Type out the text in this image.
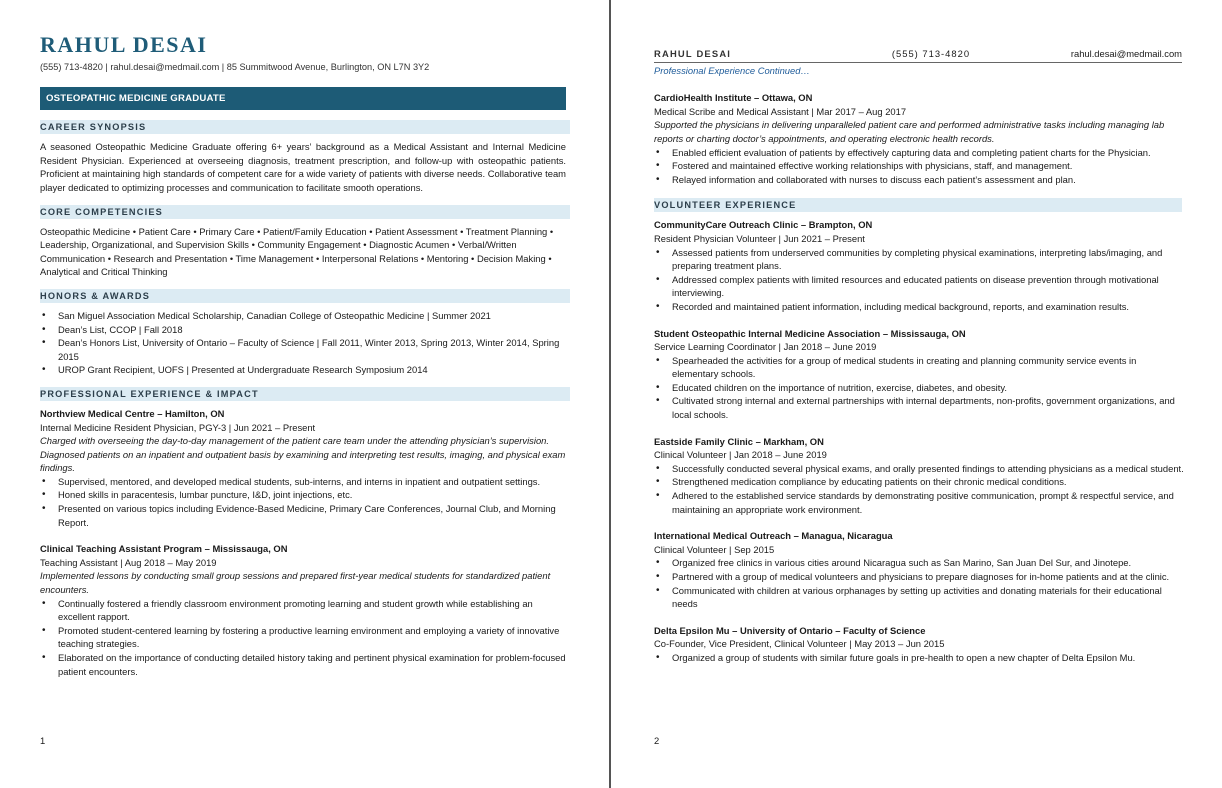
RAHUL DESAI
(555) 713-4820 | rahul.desai@medmail.com | 85 Summitwood Avenue, Burlington, ON L7N 3Y2
OSTEOPATHIC MEDICINE GRADUATE
CAREER SYNOPSIS
A seasoned Osteopathic Medicine Graduate offering 6+ years’ background as a Medical Assistant and Internal Medicine Resident Physician. Experienced at overseeing diagnosis, treatment prescription, and follow-up with osteopathic patients. Proficient at maintaining high standards of competent care for a wide variety of patients with diverse needs. Collaborative team player dedicated to optimizing processes and communication to facilitate smooth operations.
CORE COMPETENCIES
Osteopathic Medicine • Patient Care • Primary Care • Patient/Family Education • Patient Assessment • Treatment Planning • Leadership, Organizational, and Supervision Skills • Community Engagement • Diagnostic Acumen • Verbal/Written Communication • Research and Presentation • Time Management • Interpersonal Relations • Mentoring • Decision Making • Analytical and Critical Thinking
HONORS & AWARDS
• San Miguel Association Medical Scholarship, Canadian College of Osteopathic Medicine | Summer 2021
• Dean’s List, CCOP | Fall 2018
• Dean’s Honors List, University of Ontario – Faculty of Science | Fall 2011, Winter 2013, Spring 2013, Winter 2014, Spring 2015
• UROP Grant Recipient, UOFS | Presented at Undergraduate Research Symposium 2014
PROFESSIONAL EXPERIENCE & IMPACT
Northview Medical Centre – Hamilton, ON
Internal Medicine Resident Physician, PGY-3 | Jun 2021 – Present
Charged with overseeing the day-to-day management of the patient care team under the attending physician’s supervision. Diagnosed patients on an inpatient and outpatient basis by examining and interpreting test results, imaging, and physical exam findings.
• Supervised, mentored, and developed medical students, sub-interns, and interns in inpatient and outpatient settings.
• Honed skills in paracentesis, lumbar puncture, I&D, joint injections, etc.
• Presented on various topics including Evidence-Based Medicine, Primary Care Conferences, Journal Club, and Morning Report.
Clinical Teaching Assistant Program – Mississauga, ON
Teaching Assistant | Aug 2018 – May 2019
Implemented lessons by conducting small group sessions and prepared first-year medical students for standardized patient encounters.
• Continually fostered a friendly classroom environment promoting learning and student growth while establishing an excellent rapport.
• Promoted student-centered learning by fostering a productive learning environment and employing a variety of innovative teaching strategies.
• Elaborated on the importance of conducting detailed history taking and pertinent physical examination for problem-focused patient encounters.
1
RAHUL DESAI	(555) 713-4820	rahul.desai@medmail.com
Professional Experience Continued…
CardioHealth Institute – Ottawa, ON
Medical Scribe and Medical Assistant | Mar 2017 – Aug 2017
Supported the physicians in delivering unparalleled patient care and performed administrative tasks including managing lab reports or charting doctor’s appointments, and operating electronic health records.
• Enabled efficient evaluation of patients by effectively capturing data and completing patient charts for the Physician.
• Fostered and maintained effective working relationships with physicians, staff, and management.
• Relayed information and collaborated with nurses to discuss each patient’s assessment and plan.
VOLUNTEER EXPERIENCE
CommunityCare Outreach Clinic – Brampton, ON
Resident Physician Volunteer | Jun 2021 – Present
• Assessed patients from underserved communities by completing physical examinations, interpreting labs/imaging, and preparing treatment plans.
• Addressed complex patients with limited resources and educated patients on disease prevention through motivational interviewing.
• Recorded and maintained patient information, including medical background, reports, and examination results.
Student Osteopathic Internal Medicine Association – Mississauga, ON
Service Learning Coordinator | Jan 2018 – June 2019
• Spearheaded the activities for a group of medical students in creating and planning community service events in elementary schools.
• Educated children on the importance of nutrition, exercise, diabetes, and obesity.
• Cultivated strong internal and external partnerships with internal departments, non-profits, government organizations, and local schools.
Eastside Family Clinic – Markham, ON
Clinical Volunteer | Jan 2018 – June 2019
• Successfully conducted several physical exams, and orally presented findings to attending physicians as a medical student.
• Strengthened medication compliance by educating patients on their chronic medical conditions.
• Adhered to the established service standards by demonstrating positive communication, prompt & respectful service, and maintaining an appropriate work environment.
International Medical Outreach – Managua, Nicaragua
Clinical Volunteer | Sep 2015
• Organized free clinics in various cities around Nicaragua such as San Marino, San Juan Del Sur, and Jinotepe.
• Partnered with a group of medical volunteers and physicians to prepare diagnoses for in-home patients and at the clinic.
• Communicated with children at various orphanages by setting up activities and donating materials for their educational needs
Delta Epsilon Mu – University of Ontario – Faculty of Science
Co-Founder, Vice President, Clinical Volunteer | May 2013 – Jun 2015
• Organized a group of students with similar future goals in pre-health to open a new chapter of Delta Epsilon Mu.
2
